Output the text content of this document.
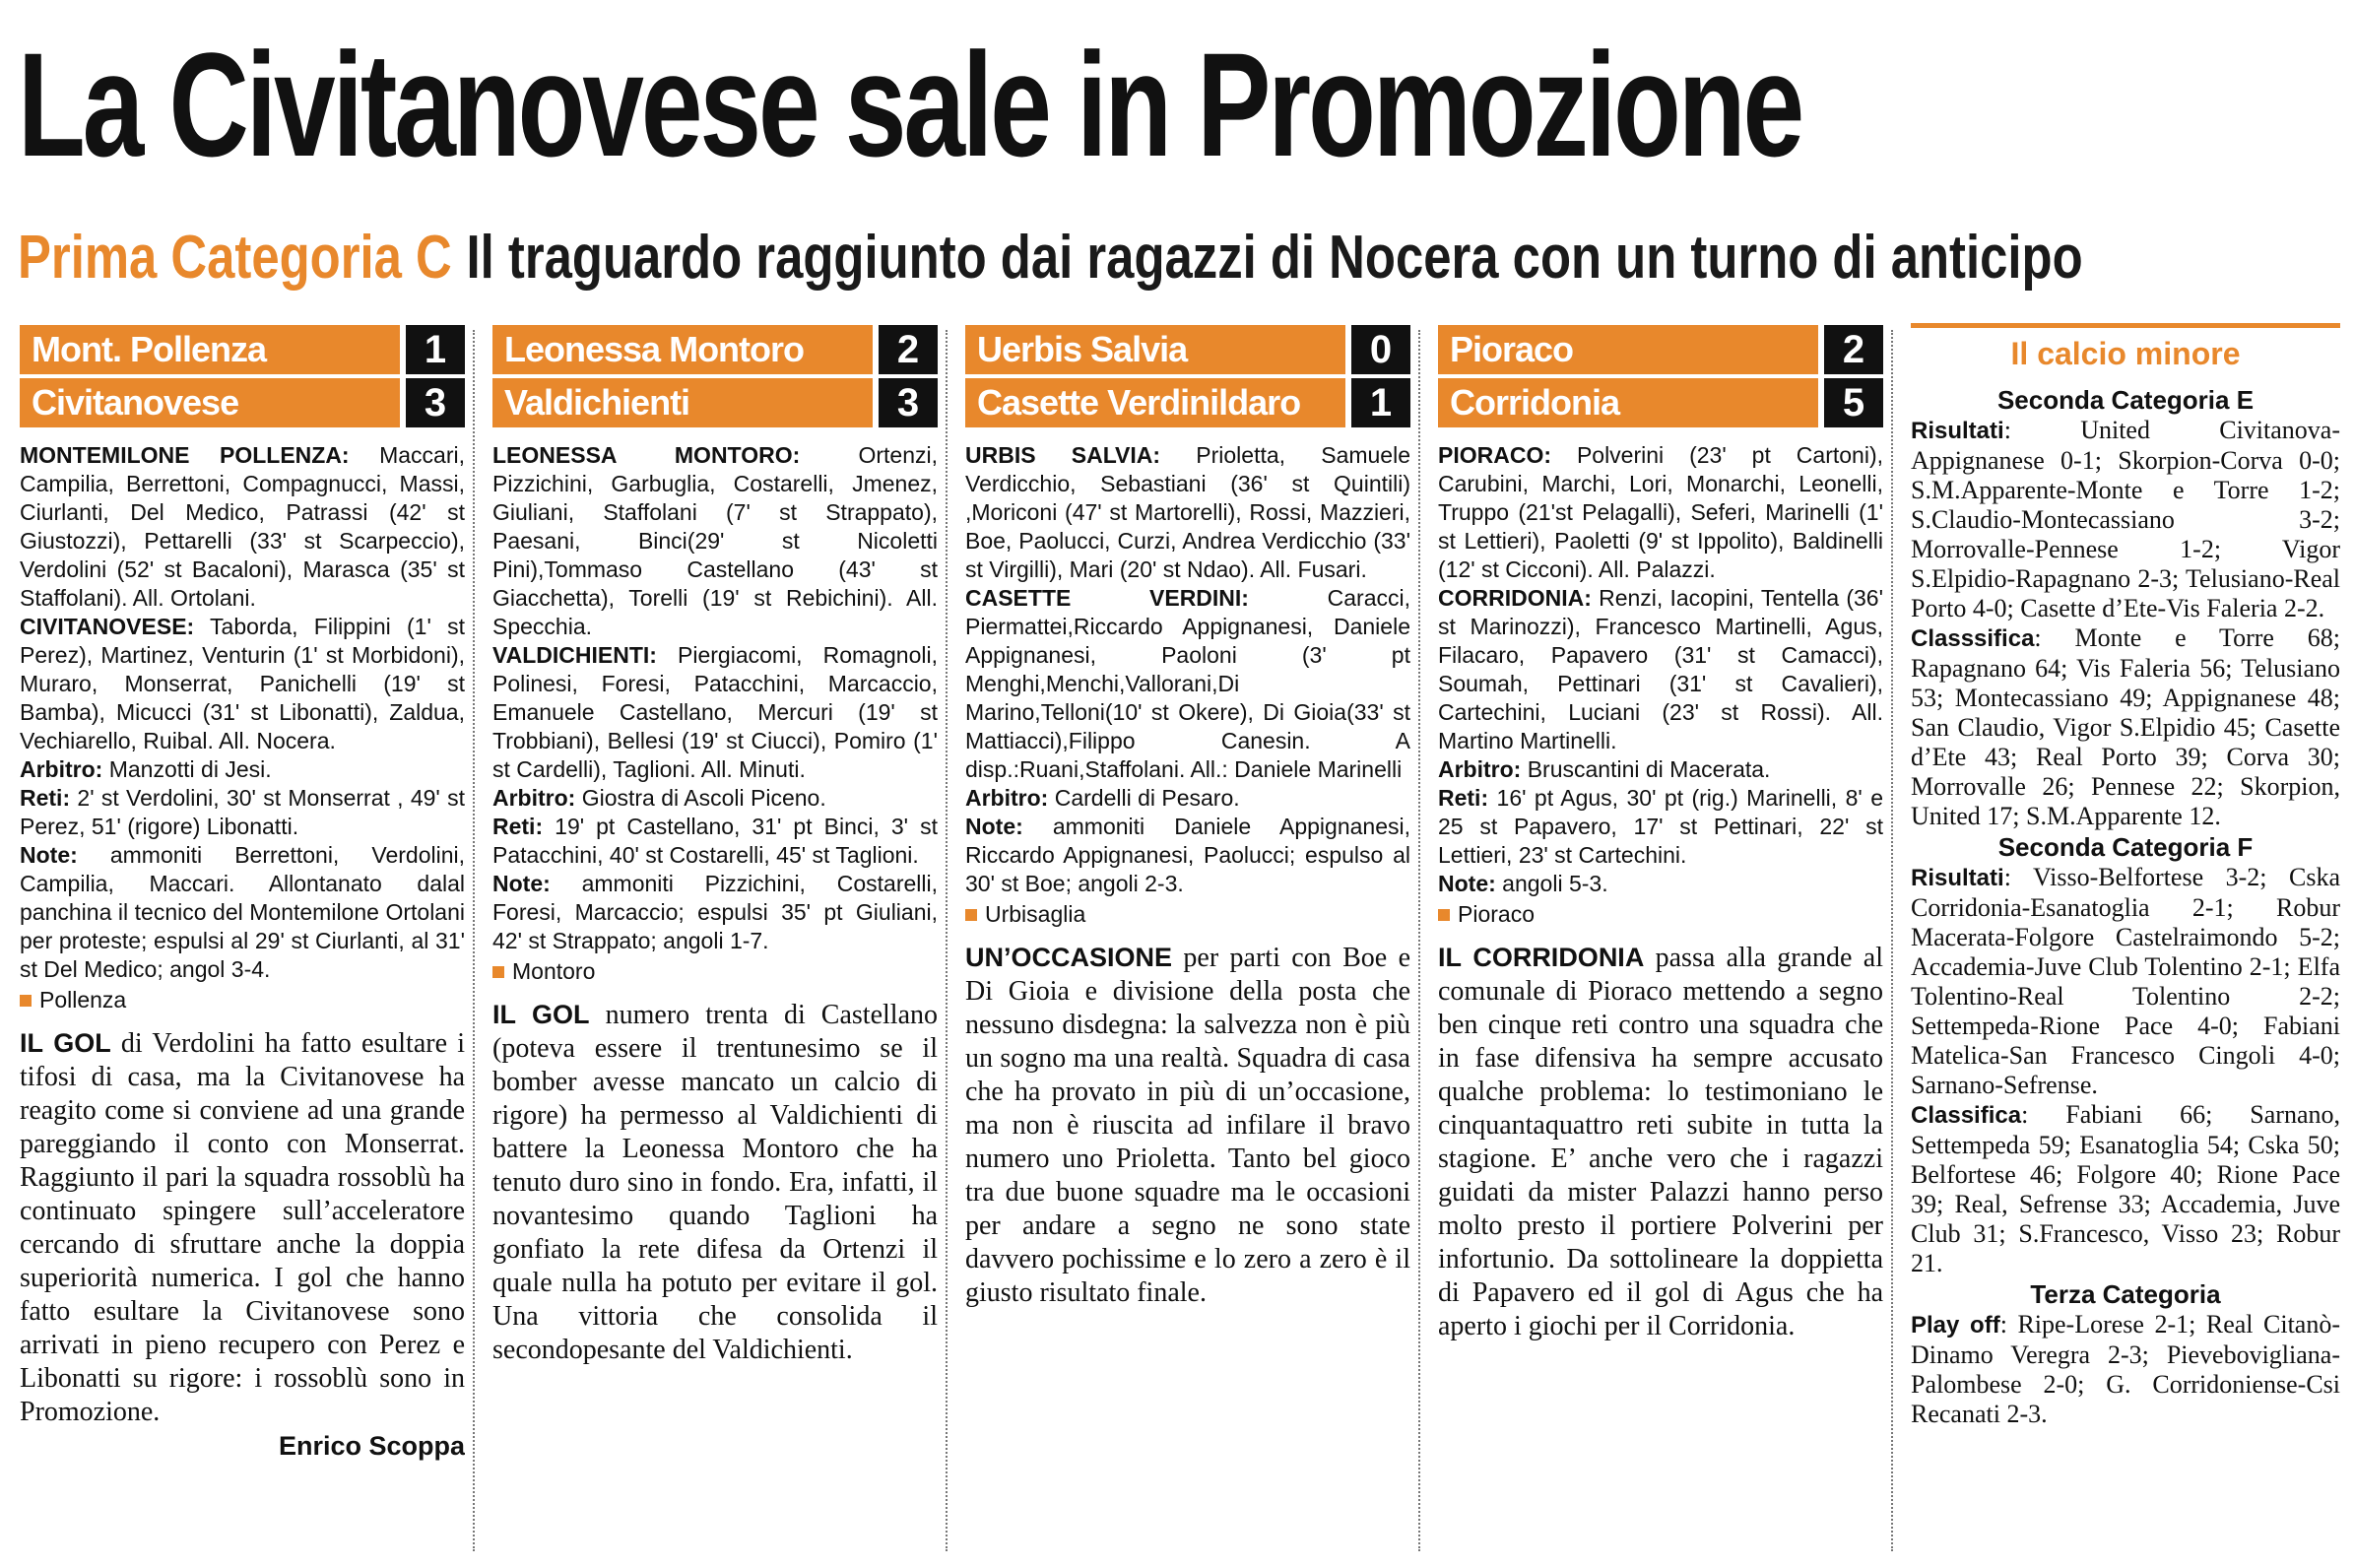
La Civitanovese sale in Promozione
Prima Categoria C Il traguardo raggiunto dai ragazzi di Nocera con un turno di anticipo
Mont. Pollenza	1
Civitanovese	3

MONTEMILONE POLLENZA: Maccari, Campilia, Berrettoni, Compagnucci, Massi, Ciurlanti, Del Medico, Patrassi (42' st Giustozzi), Pettarelli (33' st Scarpeccio), Verdolini (52' st Bacaloni), Marasca (35' st Staffolani). All. Ortolani.

CIVITANOVESE: Taborda, Filippini (1' st Perez), Martinez, Venturin (1' st Morbidoni), Muraro, Monserrat, Panichelli (19' st Bamba), Micucci (31' st Libonatti), Zaldua, Vechiarello, Ruibal. All. Nocera.

Arbitro: Manzotti di Jesi.

Reti: 2' st Verdolini, 30' st Monserrat , 49' st Perez, 51' (rigore) Libonatti.

Note: ammoniti Berrettoni, Verdolini, Campilia, Maccari. Allontanato dalal panchina il tecnico del Montemilone Ortolani per proteste; espulsi al 29' st Ciurlanti, al 31' st Del Medico; angol 3-4.

Pollenza

IL GOL di Verdolini ha fatto esultare i tifosi di casa, ma la Civitanovese ha reagito come si conviene ad una grande pareggiando il conto con Monserrat. Raggiunto il pari la squadra rossoblù ha continuato spingere sull’acceleratore cercando di sfruttare anche la doppia superiorità numerica. I gol che hanno fatto esultare la Civitanovese sono arrivati in pieno recupero con Perez e Libonatti su rigore: i rossoblù sono in Promozione.

Enrico Scoppa
Leonessa Montoro	2
Valdichienti	3

LEONESSA MONTORO: Ortenzi, Pizzichini, Garbuglia, Costarelli, Jmenez, Giuliani, Staffolani (7' st Strappato), Paesani, Binci(29' st Nicoletti Pini),Tommaso Castellano (43' st Giacchetta), Torelli (19' st Rebichini). All. Specchia.

VALDICHIENTI: Piergiacomi, Romagnoli, Polinesi, Foresi, Patacchini, Marcaccio, Emanuele Castellano, Mercuri (19' st Trobbiani), Bellesi (19' st Ciucci), Pomiro (1' st Cardelli), Taglioni. All. Minuti.

Arbitro: Giostra di Ascoli Piceno.

Reti: 19' pt Castellano, 31' pt Binci, 3' st Patacchini, 40' st Costarelli, 45' st Taglioni.

Note: ammoniti Pizzichini, Costarelli, Foresi, Marcaccio; espulsi 35' pt Giuliani, 42' st Strappato; angoli 1-7.

Montoro

IL GOL numero trenta di Castellano (poteva essere il trentunesimo se il bomber avesse mancato un calcio di rigore) ha permesso al Valdichienti di battere la Leonessa Montoro che ha tenuto duro sino in fondo. Era, infatti, il novantesimo quando Taglioni ha gonfiato la rete difesa da Ortenzi il quale nulla ha potuto per evitare il gol. Una vittoria che consolida il secondopesante del Valdichienti.

Uerbis Salvia	0
Casette Verdinildaro	1

URBIS SALVIA: Prioletta, Samuele Verdicchio, Sebastiani (36' st Quintili) ,Moriconi (47' st Martorelli), Rossi, Mazzieri, Boe, Paolucci, Curzi, Andrea Verdicchio (33' st Virgilli), Mari (20' st Ndao). All. Fusari.

CASETTE VERDINI: Caracci, Piermattei,Riccardo Appignanesi, Daniele Appignanesi, Paoloni (3' pt Menghi,Menchi,Vallorani,Di Marino,Telloni(10' st Okere), Di Gioia(33' st Mattiacci),Filippo Canesin. A disp.:Ruani,Staffolani. All.: Daniele Marinelli

Arbitro: Cardelli di Pesaro.

Note: ammoniti Daniele Appignanesi, Riccardo Appignanesi, Paolucci; espulso al 30' st Boe; angoli 2-3.

Urbisaglia

UN’OCCASIONE per parti con Boe e Di Gioia e divisione della posta che nessuno disdegna: la salvezza non è più un sogno ma una realtà. Squadra di casa che ha provato in più di un’occasione, ma non è riuscita ad infilare il bravo numero uno Prioletta. Tanto bel gioco tra due buone squadre ma le occasioni per andare a segno ne sono state davvero pochissime e lo zero a zero è il giusto risultato finale.

Pioraco	2
Corridonia	5

PIORACO: Polverini (23' pt Cartoni), Carubini, Marchi, Lori, Monarchi, Leonelli, Truppo (21'st Pelagalli), Seferi, Marinelli (1' st Lettieri), Paoletti (9' st Ippolito), Baldinelli (12' st Cicconi). All. Palazzi.

CORRIDONIA: Renzi, Iacopini, Tentella (36' st Marinozzi), Francesco Martinelli, Agus, Filacaro, Papavero (31' st Camacci), Soumah, Pettinari (31' st Cavalieri), Cartechini, Luciani (23' st Rossi). All. Martino Martinelli.

Arbitro: Bruscantini di Macerata.

Reti: 16' pt Agus, 30' pt (rig.) Marinelli, 8' e 25 st Papavero, 17' st Pettinari, 22' st Lettieri, 23' st Cartechini.

Note: angoli 5-3.

Pioraco

IL CORRIDONIA passa alla grande al comunale di Pioraco mettendo a segno ben cinque reti contro una squadra che in fase difensiva ha sempre accusato qualche problema: lo testimoniano le cinquantaquattro reti subite in tutta la stagione. E’ anche vero che i ragazzi guidati da mister Palazzi hanno perso molto presto il portiere Polverini per infortunio. Da sottolineare la doppietta di Papavero ed il gol di Agus che ha aperto i giochi per il Corridonia.

Il calcio minore
Seconda Categoria E

Risultati: United Civitanova-Appignanese 0-1; Skorpion-Corva 0-0; S.M.Apparente-Monte e Torre 1-2; S.Claudio-Montecassiano 3-2; Morrovalle-Pennese 1-2; Vigor S.Elpidio-Rapagnano 2-3; Telusiano-Real Porto 4-0; Casette d’Ete-Vis Faleria 2-2.

Classsifica: Monte e Torre 68; Rapagnano 64; Vis Faleria 56; Telusiano 53; Montecassiano 49; Appignanese 48; San Claudio, Vigor S.Elpidio 45; Casette d’Ete 43; Real Porto 39; Corva 30; Morrovalle 26; Pennese 22; Skorpion, United 17; S.M.Apparente 12.

Seconda Categoria F

Risultati: Visso-Belfortese 3-2; Cska Corridonia-Esanatoglia 2-1; Robur Macerata-Folgore Castelraimondo 5-2; Accademia-Juve Club Tolentino 2-1; Elfa Tolentino-Real Tolentino 2-2; Settempeda-Rione Pace 4-0; Fabiani Matelica-San Francesco Cingoli 4-0; Sarnano-Sefrense.

Classifica: Fabiani 66; Sarnano, Settempeda 59; Esanatoglia 54; Cska 50; Belfortese 46; Folgore 40; Rione Pace 39; Real, Sefrense 33; Accademia, Juve Club 31; S.Francesco, Visso 23; Robur 21.

Terza Categoria

Play off: Ripe-Lorese 2-1; Real Citanò-Dinamo Veregra 2-3; Pievebovigliana-Palombese 2-0; G. Corridoniense-Csi Recanati 2-3.
